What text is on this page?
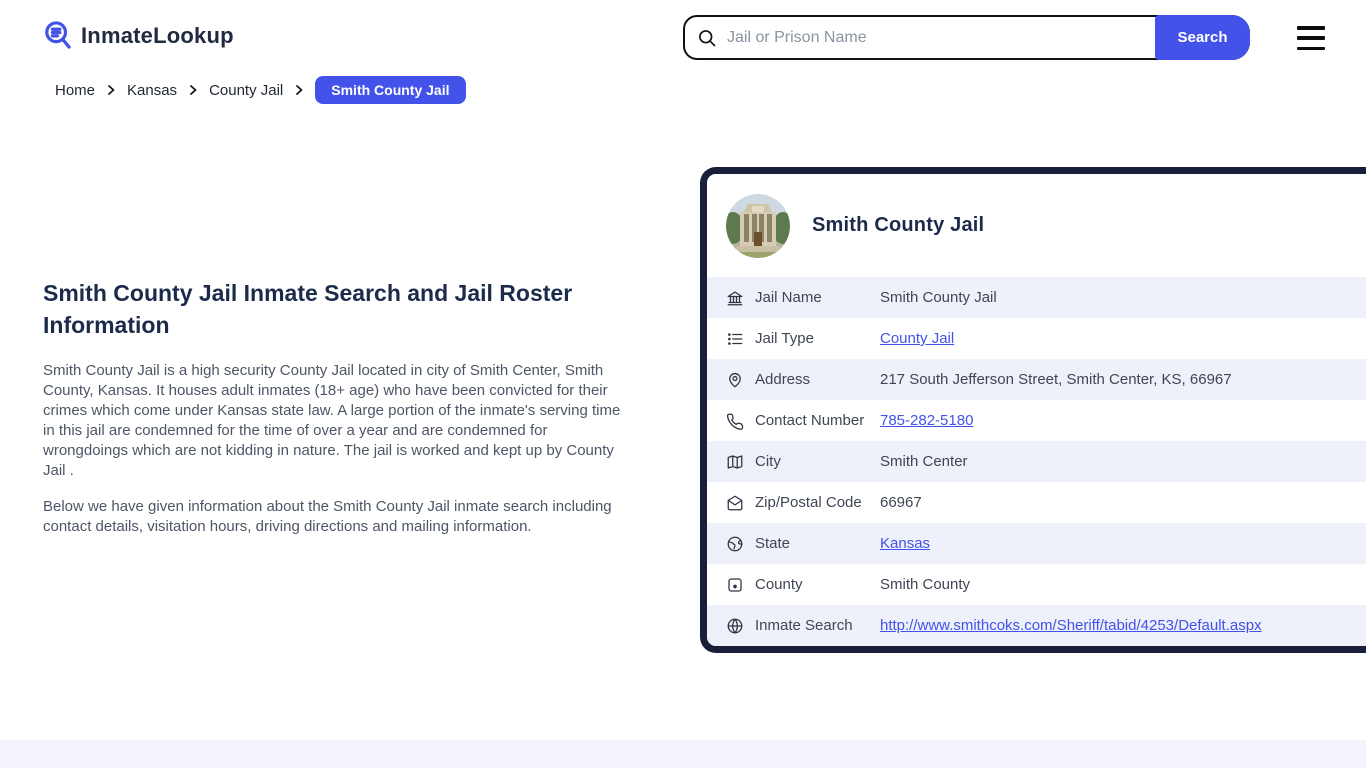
InmateLookup
Jail or Prison Name	Search
Home Kansas County Jail	Smith County Jail
Smith County Jail Inmate Search and Jail Roster Information

Smith County Jail is a high security County Jail located in city of Smith Center, Smith County, Kansas. It houses adult inmates (18+ age) who have been convicted for their crimes which come under Kansas state law. A large portion of the inmate's serving time in this jail are condemned for the time of over a year and are condemned for wrongdoings which are not kidding in nature. The jail is worked and kept up by County Jail .

Below we have given information about the Smith County Jail inmate search including contact details, visitation hours, driving directions and mailing information.

Smith County Jail
Jail Name	Smith County Jail
Jail Type	County Jail
Address	217 South Jefferson Street, Smith Center, KS, 66967
Contact Number	785-282-5180
City	Smith Center
Zip/Postal Code	66967
State	Kansas
County	Smith County
Inmate Search	http://www.smithcoks.com/Sheriff/tabid/4253/Default.aspx
